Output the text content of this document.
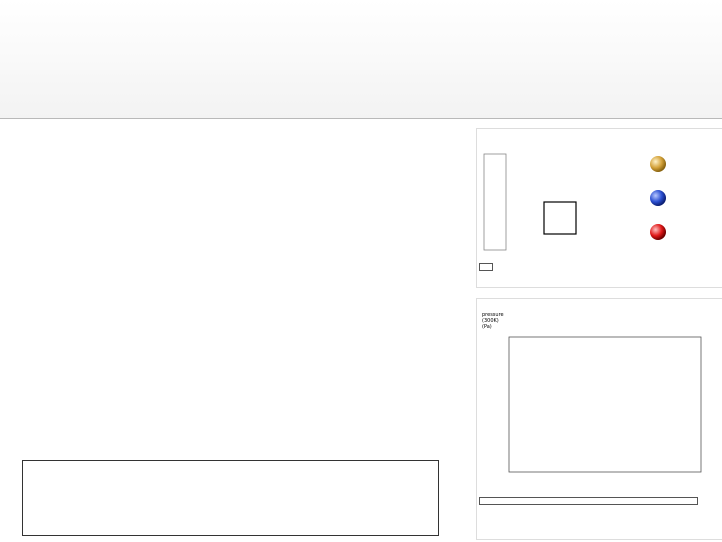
pressure
(300K)
(Pa)
